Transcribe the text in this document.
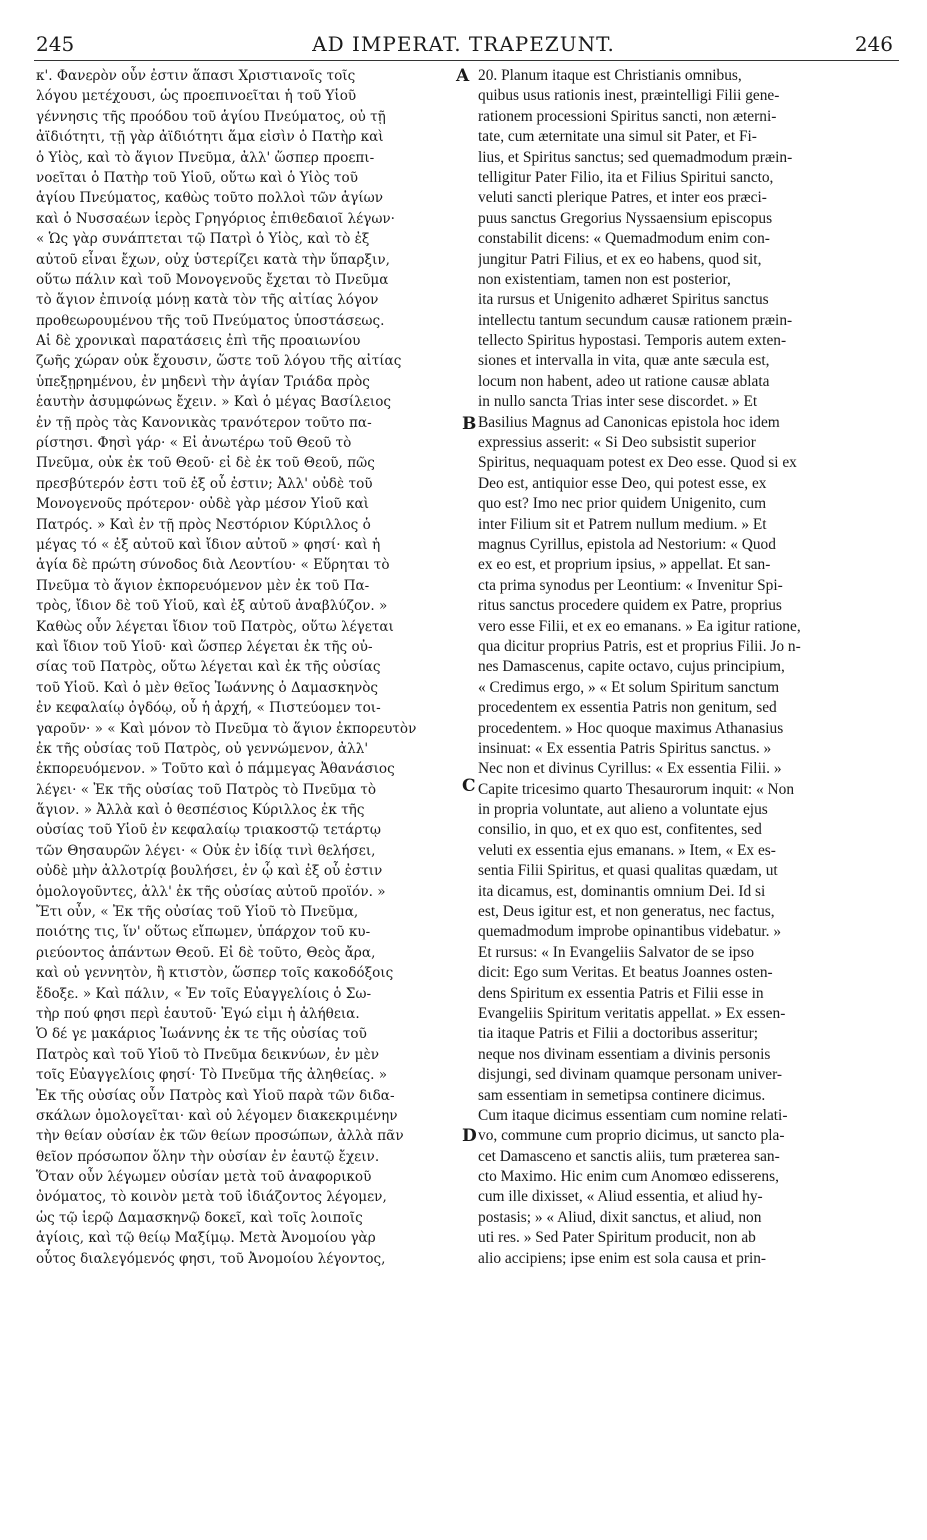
245	AD IMPERAT. TRAPEZUNT.	246
κ'. Φανερὸν οὖν ἐστιν ἅπασι Χριστιανοῖς τοῖς
λόγου μετέχουσι, ὡς προεπινοεῖται ἡ τοῦ Υἱοῦ
γέννησις τῆς προόδου τοῦ ἁγίου Πνεύματος, οὐ τῇ
ἀϊδιότητι, τῇ γὰρ ἀϊδιότητι ἅμα εἰσὶν ὁ Πατὴρ καὶ
ὁ Υἱὸς, καὶ τὸ ἅγιον Πνεῦμα, ἀλλ' ὥσπερ προεπι-
νοεῖται ὁ Πατὴρ τοῦ Υἱοῦ, οὕτω καὶ ὁ Υἱὸς τοῦ
ἁγίου Πνεύματος, καθὼς τοῦτο πολλοὶ τῶν ἁγίων
καὶ ὁ Νυσσαέων ἱερὸς Γρηγόριος ἐπιθεδαιοῖ λέγων·
« Ὡς γὰρ συνάπτεται τῷ Πατρὶ ὁ Υἱὸς, καὶ τὸ ἐξ
αὐτοῦ εἶναι ἔχων, οὐχ ὑστερίζει κατὰ τὴν ὕπαρξιν,
οὕτω πάλιν καὶ τοῦ Μονογενοῦς ἔχεται τὸ Πνεῦμα
τὸ ἅγιον ἐπινοίᾳ μόνῃ κατὰ τὸν τῆς αἰτίας λόγον
προθεωρουμένου τῆς τοῦ Πνεύματος ὑποστάσεως.
Αἱ δὲ χρονικαὶ παρατάσεις ἐπὶ τῆς προαιωνίου
ζωῆς χώραν οὐκ ἔχουσιν, ὥστε τοῦ λόγου τῆς αἰτίας
ὑπεξῃρημένου, ἐν μηδενὶ τὴν ἁγίαν Τριάδα πρὸς
ἑαυτὴν ἀσυμφώνως ἔχειν. » Καὶ ὁ μέγας Βασίλειος
ἐν τῇ πρὸς τὰς Κανονικὰς τρανότερον τοῦτο πα-
ρίστησι. Φησὶ γάρ· « Εἰ ἀνωτέρω τοῦ Θεοῦ τὸ
Πνεῦμα, οὐκ ἐκ τοῦ Θεοῦ· εἰ δὲ ἐκ τοῦ Θεοῦ, πῶς
πρεσβύτερόν ἐστι τοῦ ἐξ οὗ ἐστιν; Ἀλλ' οὐδὲ τοῦ
Μονογενοῦς πρότερον· οὐδὲ γὰρ μέσον Υἱοῦ καὶ
Πατρός. » Καὶ ἐν τῇ πρὸς Νεστόριον Κύριλλος ὁ
μέγας τό « ἐξ αὐτοῦ καὶ ἴδιον αὐτοῦ » φησί· καὶ ἡ
ἁγία δὲ πρώτη σύνοδος διὰ Λεοντίου· « Εὕρηται τὸ
Πνεῦμα τὸ ἅγιον ἐκπορευόμενον μὲν ἐκ τοῦ Πα-
τρὸς, ἴδιον δὲ τοῦ Υἱοῦ, καὶ ἐξ αὐτοῦ ἀναβλύζον. »
Καθὼς οὖν λέγεται ἴδιον τοῦ Πατρὸς, οὕτω λέγεται
καὶ ἴδιον τοῦ Υἱοῦ· καὶ ὥσπερ λέγεται ἐκ τῆς οὐ-
σίας τοῦ Πατρὸς, οὕτω λέγεται καὶ ἐκ τῆς οὐσίας
τοῦ Υἱοῦ. Καὶ ὁ μὲν θεῖος Ἰωάννης ὁ Δαμασκηνὸς
ἐν κεφαλαίῳ ὀγδόῳ, οὗ ἡ ἀρχή, « Πιστεύομεν τοι-
γαροῦν· » « Καὶ μόνον τὸ Πνεῦμα τὸ ἅγιον ἐκπορευτὸν
ἐκ τῆς οὐσίας τοῦ Πατρὸς, οὐ γεννώμενον, ἀλλ'
ἐκπορευόμενον. » Τοῦτο καὶ ὁ πάμμεγας Ἀθανάσιος
λέγει· « Ἐκ τῆς οὐσίας τοῦ Πατρὸς τὸ Πνεῦμα τὸ
ἅγιον. » Ἀλλὰ καὶ ὁ θεσπέσιος Κύριλλος ἐκ τῆς
οὐσίας τοῦ Υἱοῦ ἐν κεφαλαίῳ τριακοστῷ τετάρτῳ
τῶν Θησαυρῶν λέγει· « Οὐκ ἐν ἰδίᾳ τινὶ θελήσει,
οὐδὲ μὴν ἀλλοτρίᾳ βουλήσει, ἐν ᾧ καὶ ἐξ οὗ ἐστιν
ὁμολογοῦντες, ἀλλ' ἐκ τῆς οὐσίας αὐτοῦ προϊόν. »
Ἔτι οὖν, « Ἐκ τῆς οὐσίας τοῦ Υἱοῦ τὸ Πνεῦμα,
ποιότης τις, ἵν' οὕτως εἴπωμεν, ὑπάρχον τοῦ κυ-
ριεύοντος ἁπάντων Θεοῦ. Εἰ δὲ τοῦτο, Θεὸς ἄρα,
καὶ οὐ γεννητὸν, ἢ κτιστὸν, ὥσπερ τοῖς κακοδόξοις
ἔδοξε. » Καὶ πάλιν, « Ἐν τοῖς Εὐαγγελίοις ὁ Σω-
τὴρ πού φησι περὶ ἑαυτοῦ· Ἐγώ εἰμι ἡ ἀλήθεια.
Ὁ δέ γε μακάριος Ἰωάννης ἐκ τε τῆς οὐσίας τοῦ
Πατρὸς καὶ τοῦ Υἱοῦ τὸ Πνεῦμα δεικνύων, ἐν μὲν
τοῖς Εὐαγγελίοις φησί· Τὸ Πνεῦμα τῆς ἀληθείας. »
Ἐκ τῆς οὐσίας οὖν Πατρὸς καὶ Υἱοῦ παρὰ τῶν διδα-
σκάλων ὁμολογεῖται· καὶ οὐ λέγομεν διακεκριμένην
τὴν θείαν οὐσίαν ἐκ τῶν θείων προσώπων, ἀλλὰ πᾶν
θεῖον πρόσωπον ὅλην τὴν οὐσίαν ἐν ἑαυτῷ ἔχειν.
Ὅταν οὖν λέγωμεν οὐσίαν μετὰ τοῦ ἀναφορικοῦ
ὀνόματος, τὸ κοινὸν μετὰ τοῦ ἰδιάζοντος λέγομεν,
ὡς τῷ ἱερῷ Δαμασκηνῷ δοκεῖ, καὶ τοῖς λοιποῖς
ἁγίοις, καὶ τῷ θείῳ Μαξίμῳ. Μετὰ Ἀνομοίου γὰρ
οὗτος διαλεγόμενός φησι, τοῦ Ἀνομοίου λέγοντος,
20. Planum itaque est Christianis omnibus,
quibus usus rationis inest, præintelligi Filii gene-
rationem processioni Spiritus sancti, non æterni-
tate, cum æternitate una simul sit Pater, et Fi-
lius, et Spiritus sanctus; sed quemadmodum præin-
telligitur Pater Filio, ita et Filius Spiritui sancto,
veluti sancti plerique Patres, et inter eos præci-
puus sanctus Gregorius Nyssaensium episcopus
constabilit dicens: « Quemadmodum enim con-
jungitur Patri Filius, et ex eo habens, quod sit,
non existentiam, tamen non est posterior,
ita rursus et Unigenito adhæret Spiritus sanctus
intellectu tantum secundum causæ rationem præin-
tellecto Spiritus hypostasi. Temporis autem exten-
siones et intervalla in vita, quæ ante sæcula est,
locum non habent, adeo ut ratione causæ ablata
in nullo sancta Trias inter sese discordet. » Et
Basilius Magnus ad Canonicas epistola hoc idem
expressius asserit: « Si Deo subsistit superior
Spiritus, nequaquam potest ex Deo esse. Quod si ex
Deo est, antiquior esse Deo, qui potest esse, ex
quo est? Imo nec prior quidem Unigenito, cum
inter Filium sit et Patrem nullum medium. » Et
magnus Cyrillus, epistola ad Nestorium: « Quod
ex eo est, et proprium ipsius, » appellat. Et san-
cta prima synodus per Leontium: « Invenitur Spi-
ritus sanctus procedere quidem ex Patre, proprius
vero esse Filii, et ex eo emanans. » Ea igitur ratione,
qua dicitur proprius Patris, est et proprius Filii. Jo n-
nes Damascenus, capite octavo, cujus principium,
« Credimus ergo, » « Et solum Spiritum sanctum
procedentem ex essentia Patris non genitum, sed
procedentem. » Hoc quoque maximus Athanasius
insinuat: « Ex essentia Patris Spiritus sanctus. »
Nec non et divinus Cyrillus: « Ex essentia Filii. »
Capite tricesimo quarto Thesaurorum inquit: « Non
in propria voluntate, aut alieno a voluntate ejus
consilio, in quo, et ex quo est, confitentes, sed
veluti ex essentia ejus emanans. » Item, « Ex es-
sentia Filii Spiritus, et quasi qualitas quædam, ut
ita dicamus, est, dominantis omnium Dei. Id si
est, Deus igitur est, et non generatus, nec factus,
quemadmodum improbe opinantibus videbatur. »
Et rursus: « In Evangeliis Salvator de se ipso
dicit: Ego sum Veritas. Et beatus Joannes osten-
dens Spiritum ex essentia Patris et Filii esse in
Evangeliis Spiritum veritatis appellat. » Ex essen-
tia itaque Patris et Filii a doctoribus asseritur;
neque nos divinam essentiam a divinis personis
disjungi, sed divinam quamque personam univer-
sam essentiam in semetipsa continere dicimus.
Cum itaque dicimus essentiam cum nomine relati-
vo, commune cum proprio dicimus, ut sancto pla-
cet Damasceno et sanctis aliis, tum præterea san-
cto Maximo. Hic enim cum Anomœo edisserens,
cum ille dixisset, « Aliud essentia, et aliud hy-
postasis; » « Aliud, dixit sanctus, et aliud, non
uti res. » Sed Pater Spiritum producit, non ab
alio accipiens; ipse enim est sola causa et prin-
A
B
C
D
